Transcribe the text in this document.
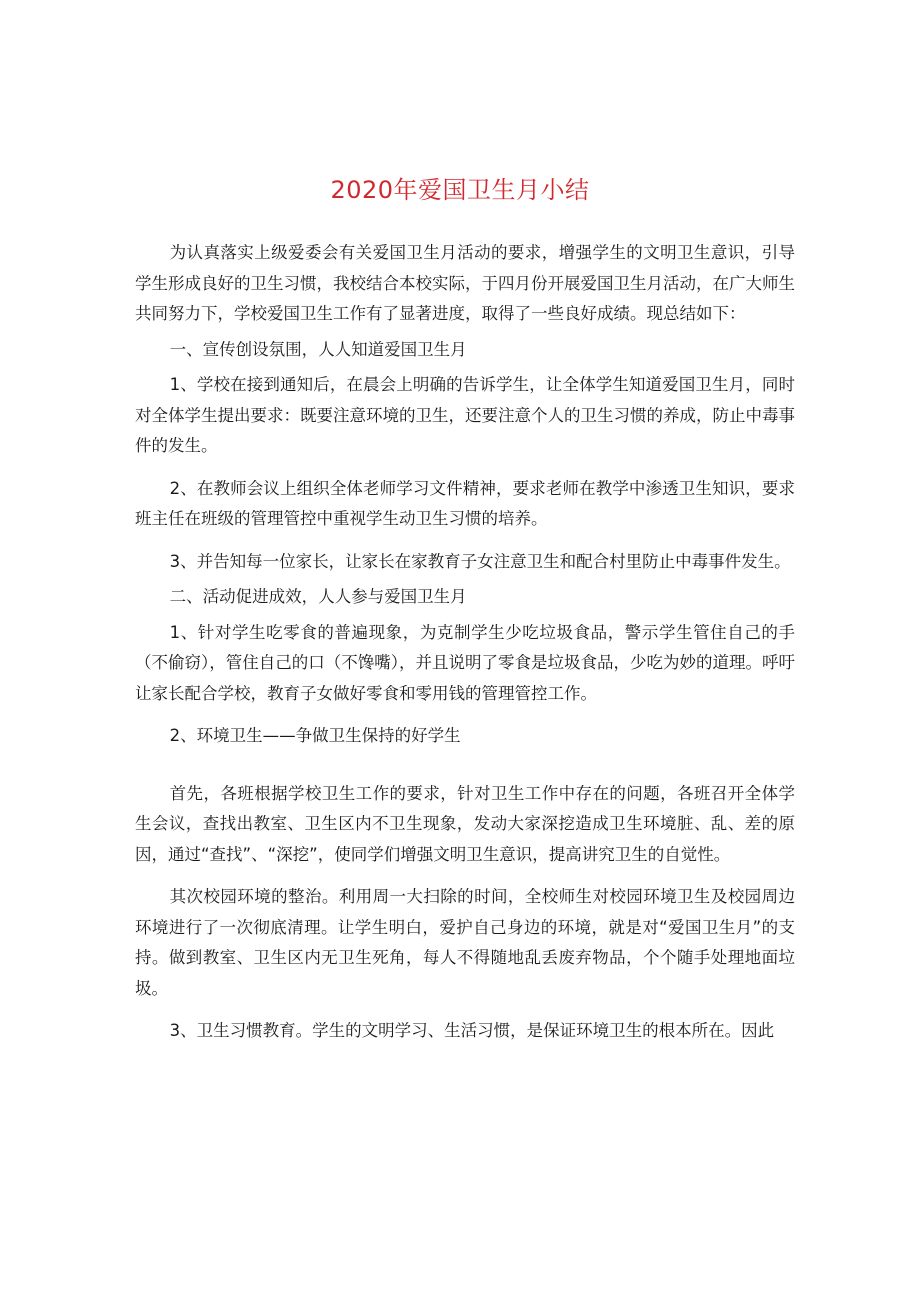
2020年爱国卫生月小结

为认真落实上级爱委会有关爱国卫生月活动的要求，增强学生的文明卫生意识，引导学生形成良好的卫生习惯，我校结合本校实际，于四月份开展爱国卫生月活动，在广大师生共同努力下，学校爱国卫生工作有了显著进度，取得了一些良好成绩。现总结如下：

一、宣传创设氛围，人人知道爱国卫生月

1、学校在接到通知后，在晨会上明确的告诉学生，让全体学生知道爱国卫生月，同时对全体学生提出要求：既要注意环境的卫生，还要注意个人的卫生习惯的养成，防止中毒事件的发生。

2、在教师会议上组织全体老师学习文件精神，要求老师在教学中渗透卫生知识，要求班主任在班级的管理管控中重视学生动卫生习惯的培养。

3、并告知每一位家长，让家长在家教育子女注意卫生和配合村里防止中毒事件发生。

二、活动促进成效，人人参与爱国卫生月

1、针对学生吃零食的普遍现象，为克制学生少吃垃圾食品，警示学生管住自己的手（不偷窃），管住自己的口（不馋嘴），并且说明了零食是垃圾食品，少吃为妙的道理。呼吁让家长配合学校，教育子女做好零食和零用钱的管理管控工作。

2、环境卫生——争做卫生保持的好学生

首先，各班根据学校卫生工作的要求，针对卫生工作中存在的问题，各班召开全体学生会议，查找出教室、卫生区内不卫生现象，发动大家深挖造成卫生环境脏、乱、差的原因，通过“查找”、“深挖”，使同学们增强文明卫生意识，提高讲究卫生的自觉性。

其次校园环境的整治。利用周一大扫除的时间，全校师生对校园环境卫生及校园周边环境进行了一次彻底清理。让学生明白，爱护自己身边的环境，就是对“爱国卫生月”的支持。做到教室、卫生区内无卫生死角，每人不得随地乱丢废弃物品，个个随手处理地面垃圾。

3、卫生习惯教育。学生的文明学习、生活习惯，是保证环境卫生的根本所在。因此
